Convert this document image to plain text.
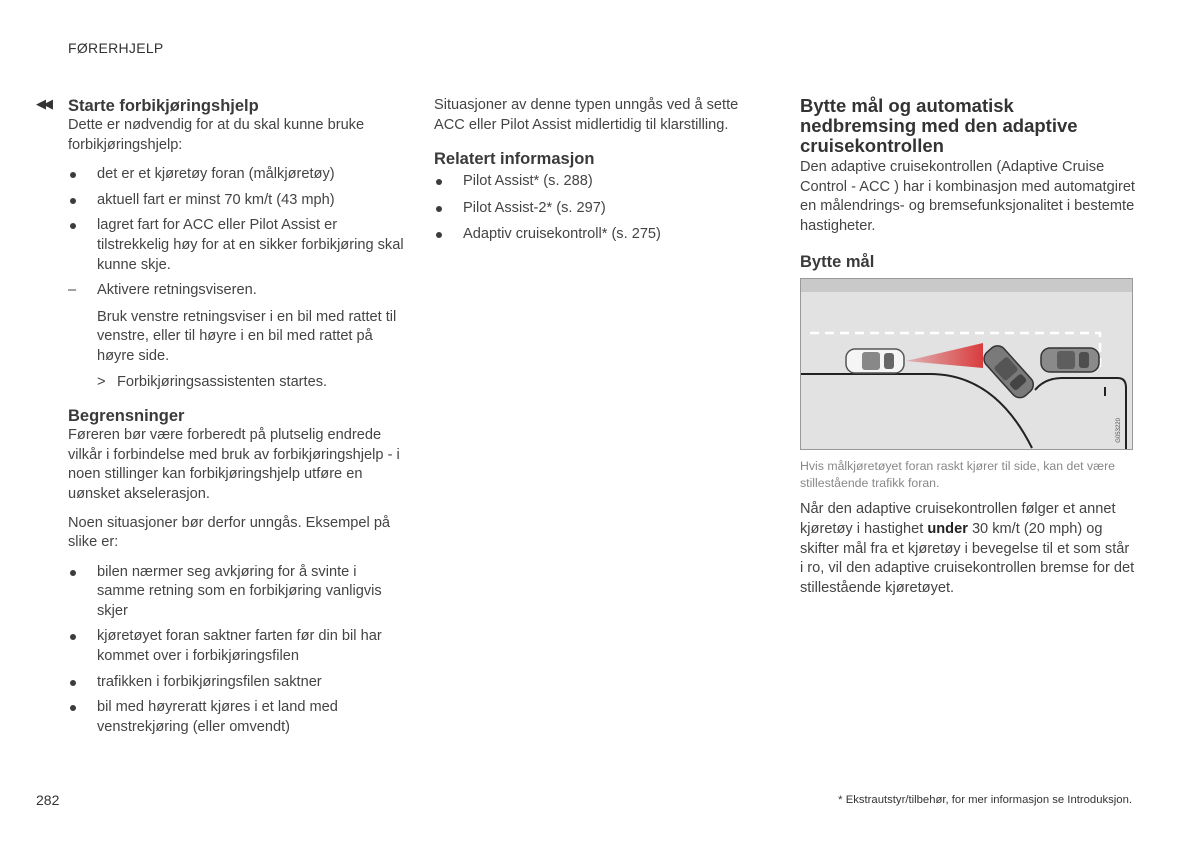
FØRERHJELP
◀◀ Starte forbikjøringshjelp

Dette er nødvendig for at du skal kunne bruke forbikjøringshjelp:

det er et kjøretøy foran (målkjøretøy)
aktuell fart er minst 70 km/t (43 mph)
lagret fart for ACC eller Pilot Assist er tilstrekkelig høy for at en sikker forbikjøring skal kunne skje.
– Aktivere retningsviseren.
Bruk venstre retningsviser i en bil med rattet til venstre, eller til høyre i en bil med rattet på høyre side.
> Forbikjøringsassistenten startes.
Begrensninger

Føreren bør være forberedt på plutselig endrede vilkår i forbindelse med bruk av forbikjøringshjelp - i noen stillinger kan forbikjøringshjelp utføre en uønsket akselerasjon.

Noen situasjoner bør derfor unngås. Eksempel på slike er:

bilen nærmer seg avkjøring for å svinte i samme retning som en forbikjøring vanligvis skjer
kjøretøyet foran saktner farten før din bil har kommet over i forbikjøringsfilen
trafikken i forbikjøringsfilen saktner
bil med høyreratt kjøres i et land med venstrekjøring (eller omvendt)

Situasjoner av denne typen unngås ved å sette ACC eller Pilot Assist midlertidig til klarstilling.

Relatert informasjon
Pilot Assist* (s. 288)
Pilot Assist-2* (s. 297)
Adaptiv cruisekontroll* (s. 275)
Bytte mål og automatisk nedbremsing med den adaptive cruisekontrollen

Den adaptive cruisekontrollen (Adaptive Cruise Control - ACC ) har i kombinasjon med automatgiret en målendrings- og bremsefunksjonalitet i bestemte hastigheter.

Bytte mål
G053220

Hvis målkjøretøyet foran raskt kjører til side, kan det være stillestående trafikk foran.

Når den adaptive cruisekontrollen følger et annet kjøretøy i hastighet under 30 km/t (20 mph) og skifter mål fra et kjøretøy i bevegelse til et som står i ro, vil den adaptive cruisekontrollen bremse for det stillestående kjøretøyet.

282	* Ekstrautstyr/tilbehør, for mer informasjon se Introduksjon.
